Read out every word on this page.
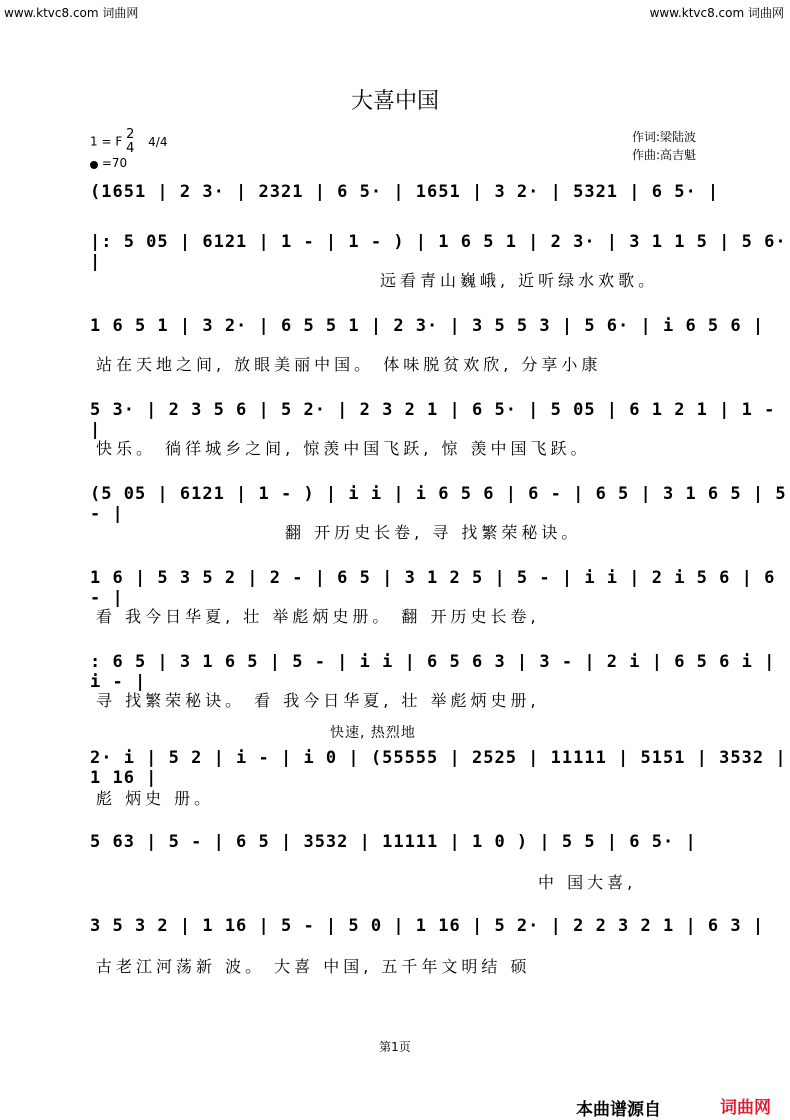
www.ktvc8.com 词曲网	www.ktvc8.com 词曲网
大喜中国
1 = F 2
4 4/4
=70
作词:梁陆波
作曲:高吉魁
(1651 | 2 3· | 2321 | 6 5· | 1651 | 3 2· | 5321 | 6 5· |
|: 5 05 | 6121 | 1 - | 1 - ) | 1 6 5 1 | 2 3· | 3 1 1 5 | 5 6· |
远看青山巍峨, 近听绿水欢歌。
1 6 5 1 | 3 2· | 6 5 5 1 | 2 3· | 3 5 5 3 | 5 6· | i 6 5 6 |
站在天地之间, 放眼美丽中国。 体味脱贫欢欣, 分享小康
5 3· | 2 3 5 6 | 5 2· | 2 3 2 1 | 6 5· | 5 05 | 6 1 2 1 | 1 - |
快乐。 徜徉城乡之间, 惊羡中国飞跃, 惊 羡中国飞跃。
(5 05 | 6121 | 1 - ) | i i | i 6 5 6 | 6 - | 6 5 | 3 1 6 5 | 5 - |
翻 开历史长卷, 寻 找繁荣秘诀。
1 6 | 5 3 5 2 | 2 - | 6 5 | 3 1 2 5 | 5 - | i i | 2 i 5 6 | 6 - |
看 我今日华夏, 壮 举彪炳史册。 翻 开历史长卷,
: 6 5 | 3 1 6 5 | 5 - | i i | 6 5 6 3 | 3 - | 2 i | 6 5 6 i | i - |
寻 找繁荣秘诀。 看 我今日华夏, 壮 举彪炳史册,
快速, 热烈地
2· i | 5 2 | i - | i 0 | (55555 | 2525 | 11111 | 5151 | 3532 | 1 16 |
彪 炳史 册。
5 63 | 5 - | 6 5 | 3532 | 11111 | 1 0 ) | 5 5 | 6 5· |
中 国大喜,
3 5 3 2 | 1 16 | 5 - | 5 0 | 1 16 | 5 2· | 2 2 3 2 1 | 6 3 |
古老江河荡新 波。 大喜 中国, 五千年文明结 硕
第1页
本曲谱源自	词曲网
